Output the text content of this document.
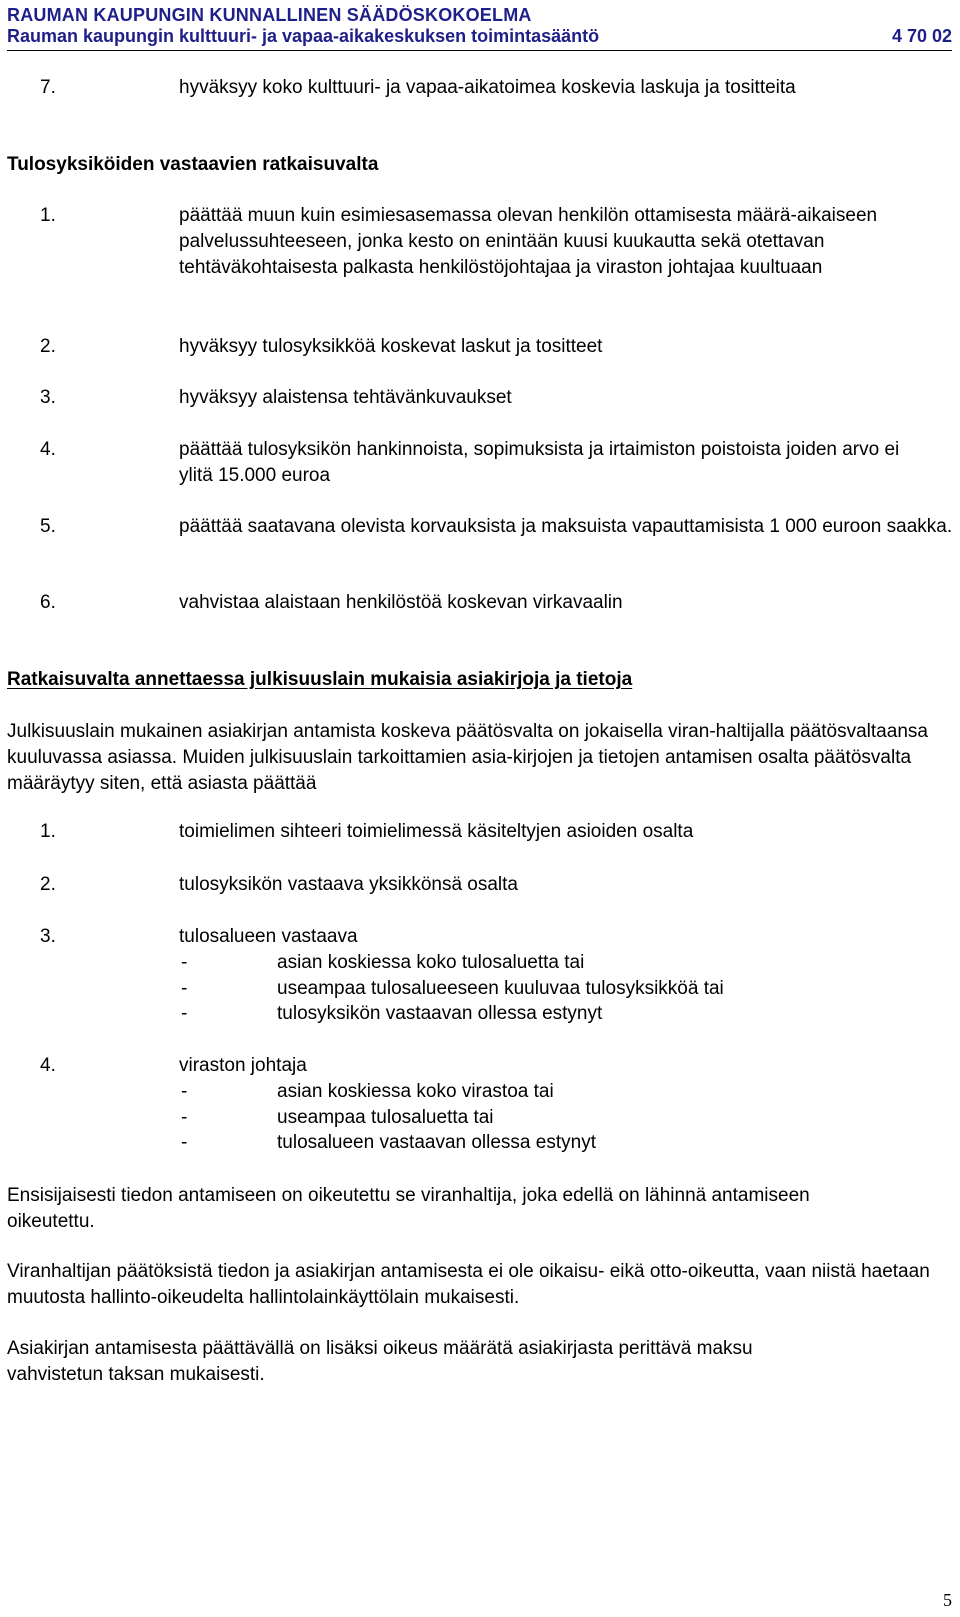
RAUMAN KAUPUNGIN KUNNALLINEN SÄÄDÖSKOKOELMA
Rauman kaupungin kulttuuri- ja vapaa-aikakeskuksen toimintasääntö	4 70 02
7.	hyväksyy koko kulttuuri- ja vapaa-aikatoimea koskevia laskuja ja tositteita
Tulosyksiköiden vastaavien ratkaisuvalta
1.	päättää muun kuin esimiesasemassa olevan henkilön ottamisesta määrä-aikaiseen palvelussuhteeseen, jonka kesto on enintään kuusi kuukautta sekä otettavan tehtäväkohtaisesta palkasta henkilöstöjohtajaa ja viraston johtajaa kuultuaan
2.	hyväksyy tulosyksikköä koskevat laskut ja tositteet
3.	hyväksyy alaistensa tehtävänkuvaukset
4.	päättää tulosyksikön hankinnoista, sopimuksista ja irtaimiston poistoista joiden arvo ei ylitä 15.000 euroa
5.	päättää saatavana olevista korvauksista ja maksuista vapauttamisista 1 000 euroon saakka.
6.	vahvistaa alaistaan henkilöstöä koskevan virkavaalin
Ratkaisuvalta annettaessa julkisuuslain mukaisia asiakirjoja ja tietoja
Julkisuuslain mukainen asiakirjan antamista koskeva päätösvalta on jokaisella viran-haltijalla päätösvaltaansa kuuluvassa asiassa. Muiden julkisuuslain tarkoittamien asia-kirjojen ja tietojen antamisen osalta päätösvalta määräytyy siten, että asiasta päättää
1.	toimielimen sihteeri toimielimessä käsiteltyjen asioiden osalta
2.	tulosyksikön vastaava yksikkönsä osalta
3.	tulosalueen vastaava
-	asian koskiessa koko tulosaluetta tai
-	useampaa tulosalueeseen kuuluvaa tulosyksikköä tai
-	tulosyksikön vastaavan ollessa estynyt
4.	viraston johtaja
-	asian koskiessa koko virastoa tai
-	useampaa tulosaluetta tai
-	tulosalueen vastaavan ollessa estynyt
Ensisijaisesti tiedon antamiseen on oikeutettu se viranhaltija, joka edellä on lähinnä antamiseen oikeutettu.
Viranhaltijan päätöksistä tiedon ja asiakirjan antamisesta ei ole oikaisu- eikä otto-oikeutta, vaan niistä haetaan muutosta hallinto-oikeudelta hallintolainkäyttölain mukaisesti.
Asiakirjan antamisesta päättävällä on lisäksi oikeus määrätä asiakirjasta perittävä maksu vahvistetun taksan mukaisesti.
5
